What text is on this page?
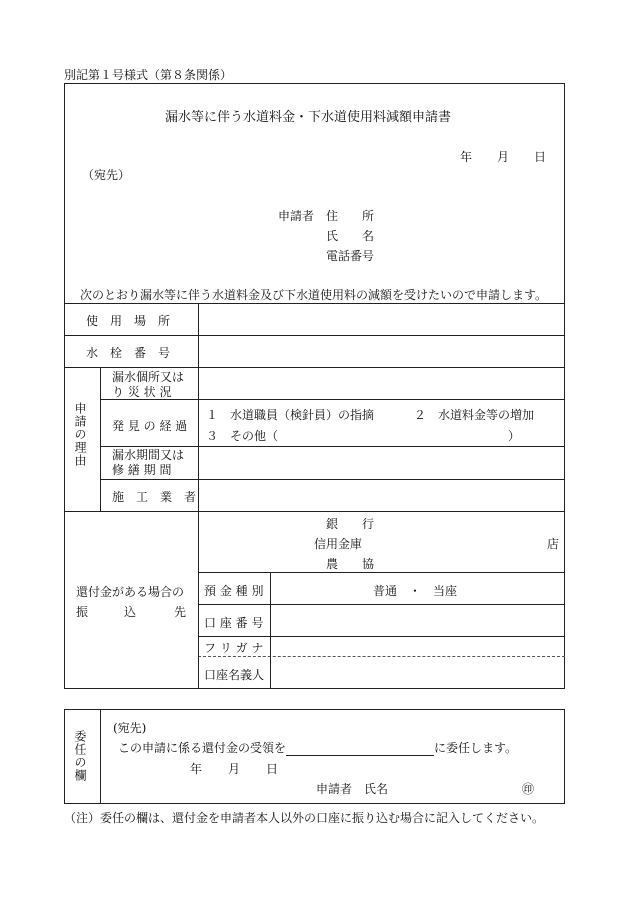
別記第１号様式（第８条関係）
漏水等に伴う水道料金・下水道使用料減額申請書
年 月 日
（宛先）
申請者 住　　所
氏　　名
電話番号
次のとおり漏水等に伴う水道料金及び下水道使用料の減額を受けたいので申請します。
使　用　場　所
水　栓　番　号
申請の理由
漏水個所又は
り 災 状 況
発 見 の 経 過
１　水道職員（検針員）の指摘	２　水道料金等の増加
３　その他（	）
漏水期間又は
修 繕 期 間
施　工　業　者
還付金がある場合の
振	込	先
銀　　行
信用金庫
農　　協
店
預 金 種 別	普通　・　当座
口 座 番 号
フ リ ガ ナ
口座名義人
委任の欄
(宛先)
この申請に係る還付金の受領を	に委任します。
年 月 日
申請者　氏名	㊞
（注）委任の欄は、還付金を申請者本人以外の口座に振り込む場合に記入してください。
